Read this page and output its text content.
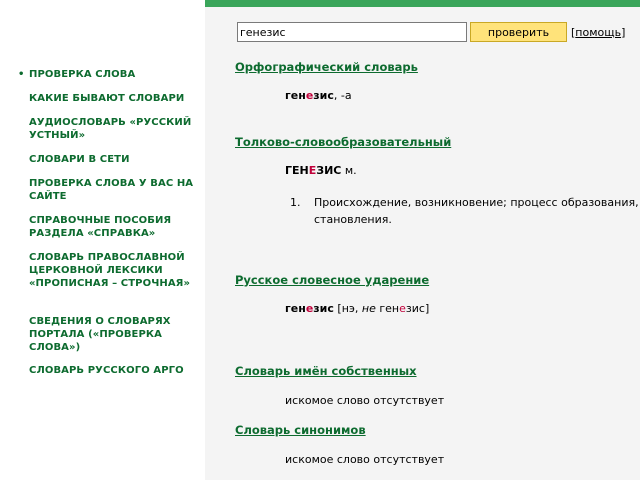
• ПРОВЕРКА СЛОВА
КАКИЕ БЫВАЮТ СЛОВАРИ
АУДИОСЛОВАРЬ «РУССКИЙ УСТНЫЙ»
СЛОВАРИ В СЕТИ
ПРОВЕРКА СЛОВА У ВАС НА САЙТЕ
СПРАВОЧНЫЕ ПОСОБИЯ РАЗДЕЛА «СПРАВКА»
СЛОВАРЬ ПРАВОСЛАВНОЙ ЦЕРКОВНОЙ ЛЕКСИКИ «ПРОПИСНАЯ – СТРОЧНАЯ»
СВЕДЕНИЯ О СЛОВАРЯХ ПОРТАЛА («ПРОВЕРКА СЛОВА»)
СЛОВАРЬ РУССКОГО АРГО
генезис
проверить	[помощь]
Орфографический словарь
генезис, -а
Толково-словообразовательный
ГЕНЕЗИС м.
1. Происхождение, возникновение; процесс образования, становления.
Русское словесное ударение
генезис [нэ, не генезис]
Словарь имён собственных
искомое слово отсутствует
Словарь синонимов
искомое слово отсутствует
